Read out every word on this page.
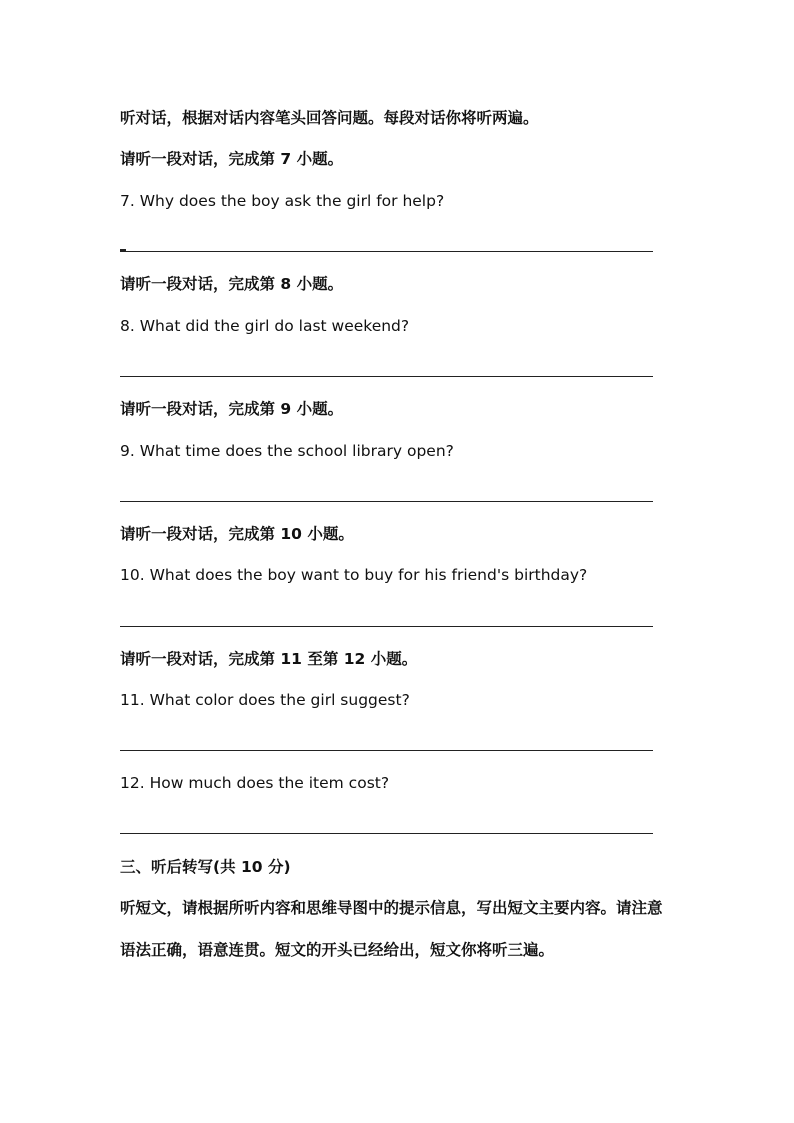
听对话，根据对话内容笔头回答问题。每段对话你将听两遍。
请听一段对话，完成第 7 小题。
7. Why does the boy ask the girl for help?
请听一段对话，完成第 8 小题。
8. What did the girl do last weekend?
请听一段对话，完成第 9 小题。
9. What time does the school library open?
请听一段对话，完成第 10 小题。
10. What does the boy want to buy for his friend's birthday?
请听一段对话，完成第 11 至第 12 小题。
11. What color does the girl suggest?
12. How much does the item cost?
三、听后转写(共 10 分)
听短文，请根据所听内容和思维导图中的提示信息，写出短文主要内容。请注意
语法正确，语意连贯。短文的开头已经给出，短文你将听三遍。
